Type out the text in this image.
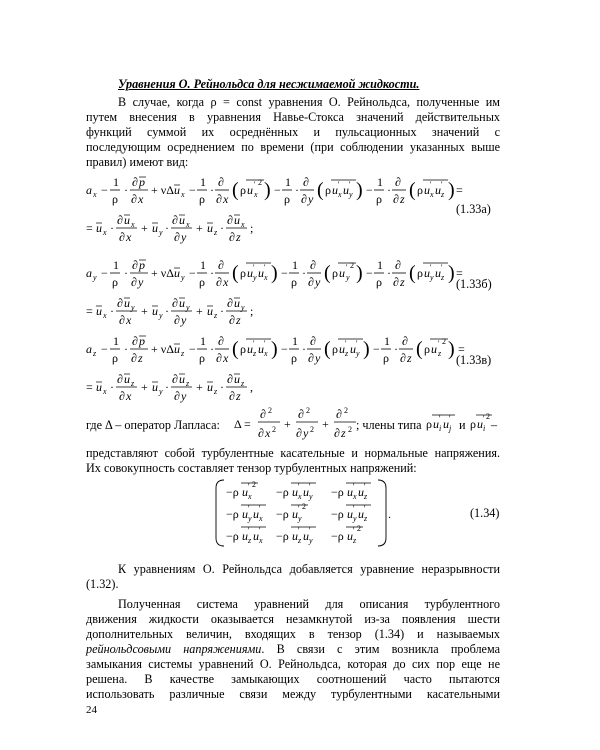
Уравнения О. Рейнольдса для несжимаемой жидкости.
В случае, когда ρ = const уравнения О. Рейнольдса, полученные им
путем внесения в уравнения Навье-Стокса значений действительных
функций суммой их осреднённых и пульсационных значений с
последующим осреднением по времени (при соблюдении указанных выше
правил) имеют вид:
a x −
1
ρ
·
∂ p
∂ x
+ νΔ u x −
1
ρ
·
∂
∂ x ( ρ u '
x
2 ) −
1
ρ
·
∂
∂ y ( ρ u '
x u '
y ) −
1
ρ
·
∂
∂ z ( ρ u '
x u '
z ) =
= u x ·
∂ u x
∂ x
+ u y ·
∂ u x
∂ y
+ u z ·
∂ u x
∂ z
;
(1.33а)
a y −
1
ρ
·
∂ p
∂ y
+ νΔ u y −
1
ρ
·
∂
∂ x ( ρ u '
y u '
x ) −
1
ρ
·
∂
∂ y ( ρ u '
y
2 ) −
1
ρ
·
∂
∂ z ( ρ u '
y u '
z ) =
= u x ·
∂ u y
∂ x
+ u y ·
∂ u y
∂ y
+ u z ·
∂ u y
∂ z
;
(1.33б)
a z −
1
ρ
·
∂ p
∂ z
+ νΔ u z −
1
ρ
·
∂
∂ x ( ρ u '
z u '
x ) −
1
ρ
·
∂
∂ y ( ρ u '
z u '
y ) −
1
ρ
·
∂
∂ z ( ρ u '
z
2 ) =
= u x ·
∂ u z
∂ x
+ u y ·
∂ u z
∂ y
+ u z ·
∂ u z
∂ z
,
(1.33в)
где Δ – оператор Лапласа: Δ =
∂ 2
∂ x 2 +
∂ 2
∂ y 2 +
∂ 2
∂ z 2 ; члены типа ρ u '
i u '
j и ρ u '
i
2
–
представляют собой турбулентные касательные и нормальные напряжения.
Их совокупность составляет тензор турбулентных напряжений:
−ρ u '
x
2
−ρ u '
x u '
y −ρ u '
x u '
z
−ρ u '
y u '
x −ρ u '
y
2
−ρ u '
y u '
z
−ρ u '
z u '
x −ρ u '
z u '
y −ρ u '
z
2
.	(1.34)
К уравнениям О. Рейнольдса добавляется уравнение неразрывности
(1.32).
Полученная система уравнений для описания турбулентного
движения жидкости оказывается незамкнутой из-за появления шести
дополнительных величин, входящих в тензор (1.34) и называемых
рейнольдсовыми напряжениями. В связи с этим возникла проблема
замыкания системы уравнений О. Рейнольдса, которая до сих пор еще не
решена. В качестве замыкающих соотношений часто пытаются
использовать различные связи между турбулентными касательными
24
